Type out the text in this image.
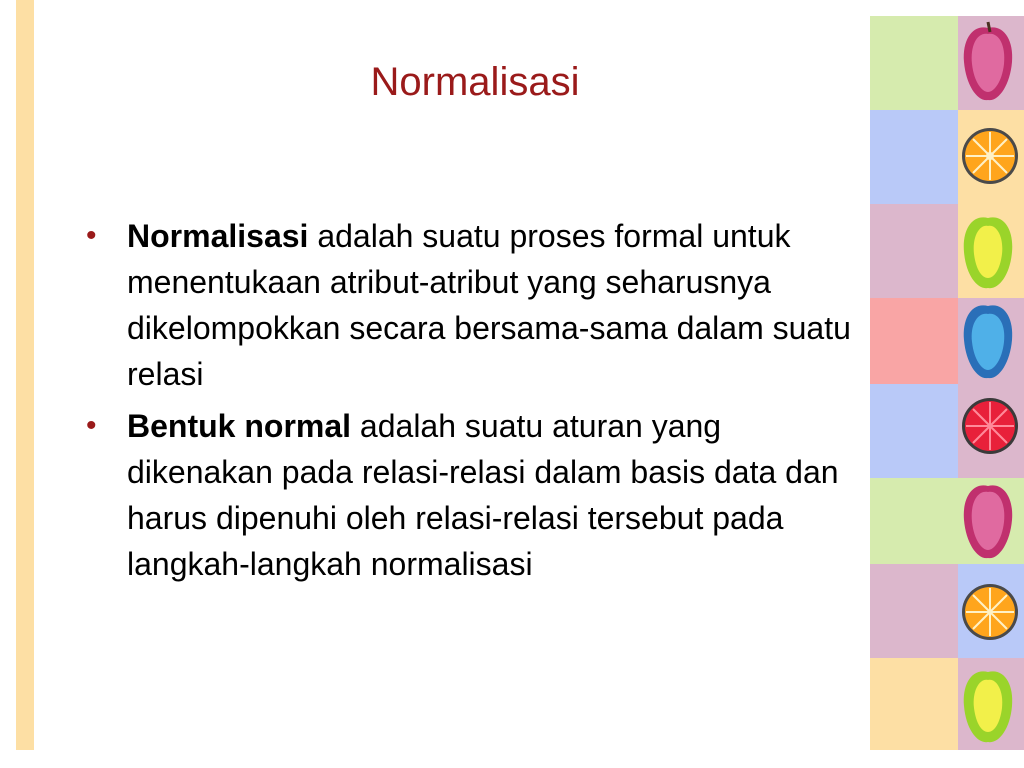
Normalisasi
• Normalisasi adalah suatu proses formal untuk menentukaan atribut-atribut yang seharusnya dikelompokkan secara bersama-sama dalam suatu relasi
• Bentuk normal adalah suatu aturan yang dikenakan pada relasi-relasi dalam basis data dan harus dipenuhi oleh relasi-relasi tersebut pada langkah-langkah normalisasi
